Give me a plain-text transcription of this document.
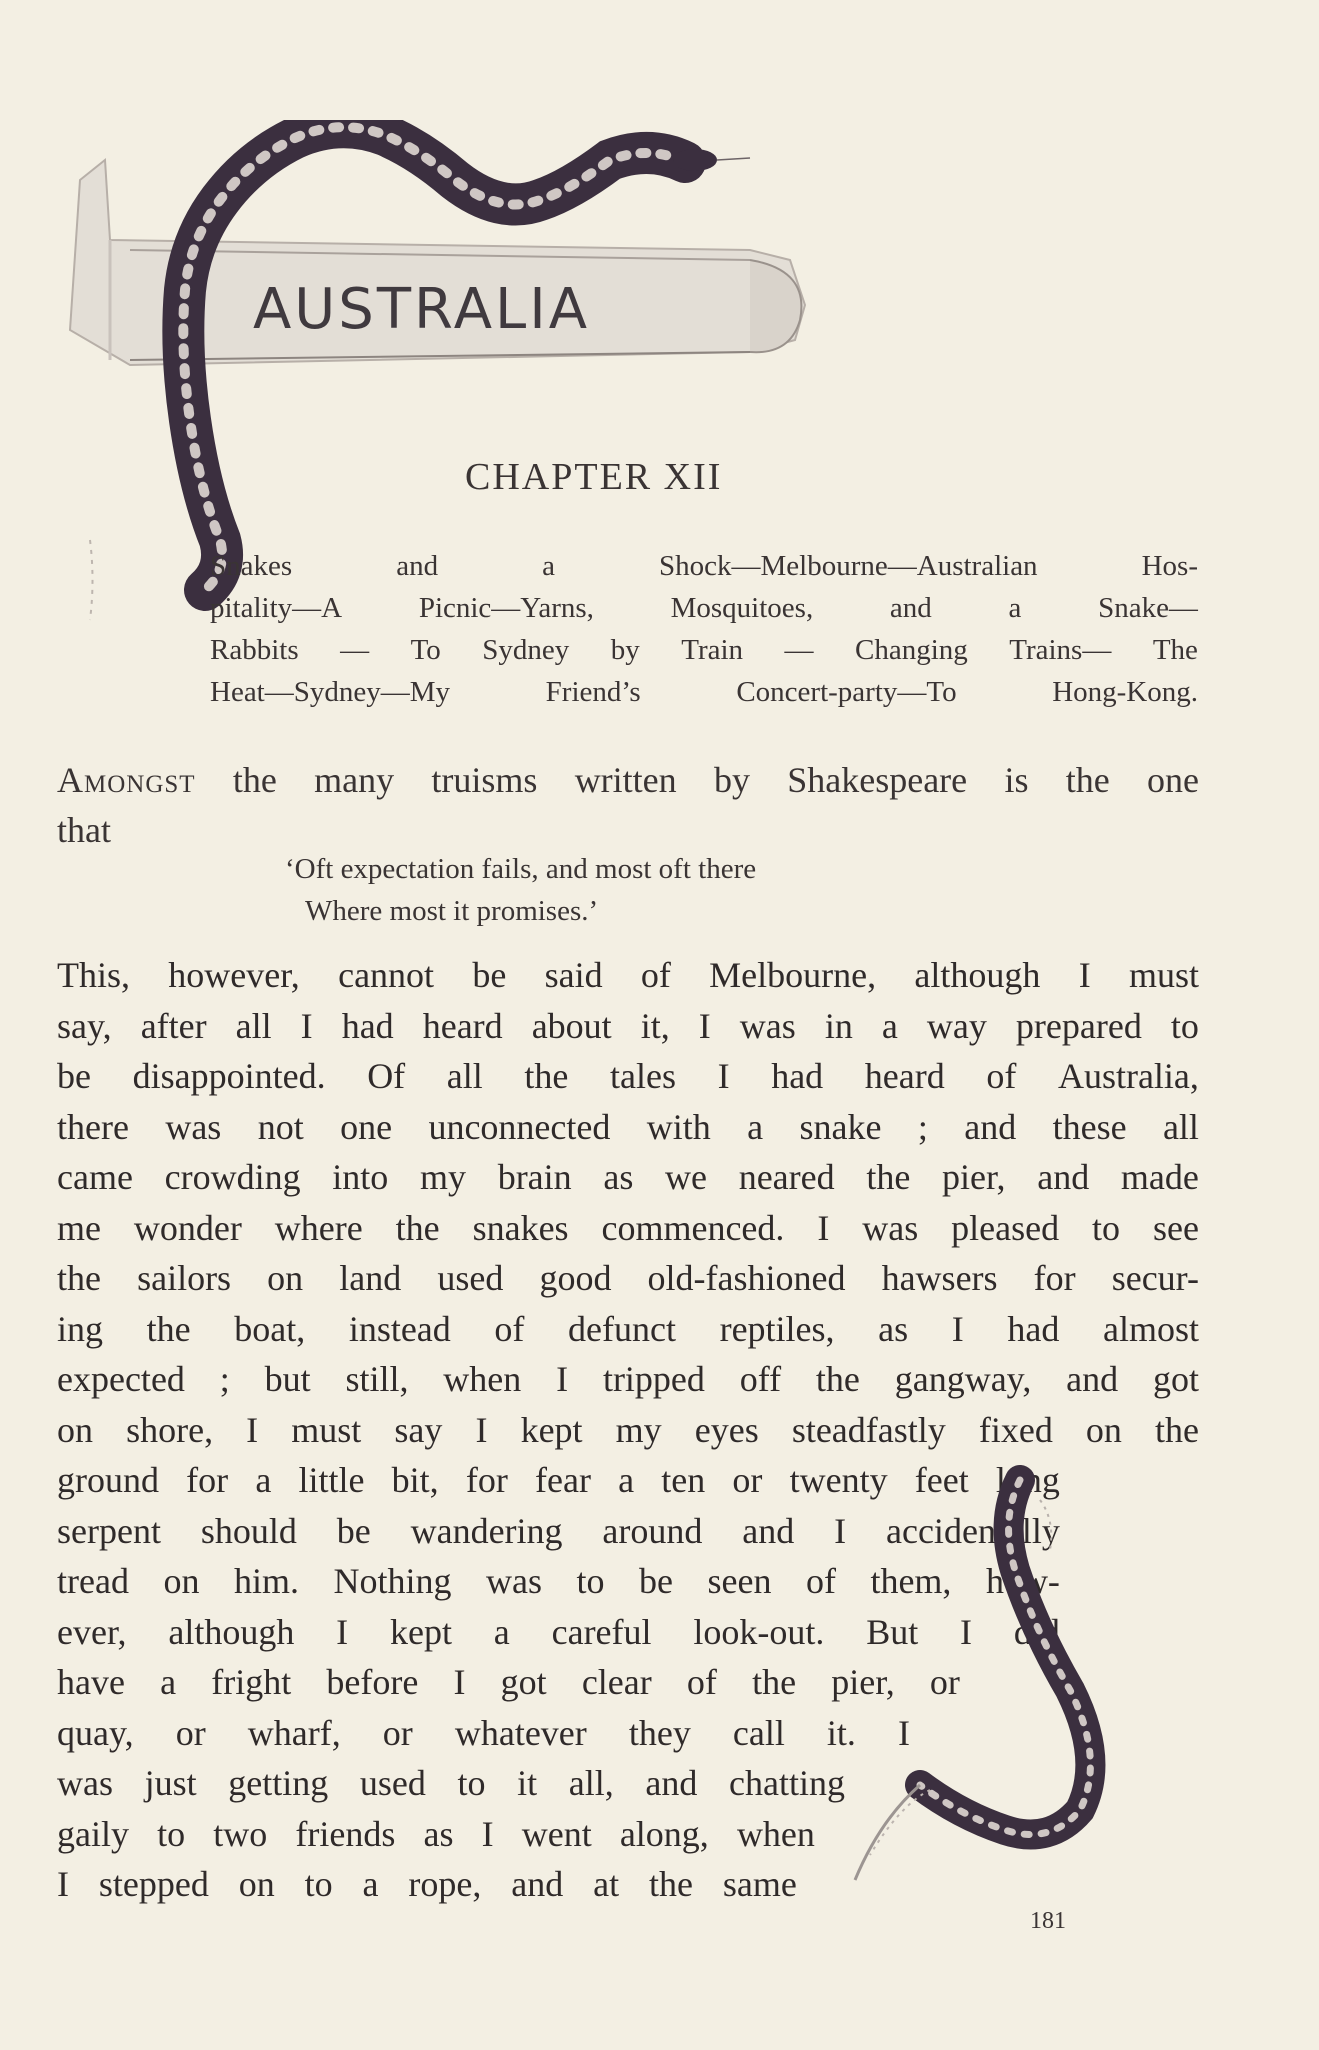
AUSTRALIA
CHAPTER XII
Snakes	and	a	Shock—Melbourne—Australian	Hos-
pitality—A	Picnic—Yarns,	Mosquitoes,	and	a	Snake—
Rabbits — To Sydney by Train — Changing Trains— The
Heat—Sydney—My	Friend’s	Concert-party—To	Hong-Kong.
Amongst the many truisms written by Shakespeare is the one
that
‘Oft expectation fails, and most oft there
Where most it promises.’
This, however, cannot be said of Melbourne, although I must
say, after all I had heard about it, I was in a way prepared to
be disappointed. Of all the tales I had heard of Australia,
there was not one unconnected with a snake ; and these all
came crowding into my brain as we neared the pier, and made
me wonder where the snakes commenced. I was pleased to see
the sailors on land used good old-fashioned hawsers for secur-
ing the boat, instead of defunct reptiles, as I had almost
expected ; but still, when I tripped off the gangway, and got
on shore, I must say I kept my eyes steadfastly fixed on the
ground for a little bit, for fear a ten or twenty feet long
serpent should be wandering around and I accidentally
tread on him. Nothing was to be seen of them, how-
ever, although I kept a careful look-out. But I did
have a fright before I got clear of the pier, or
quay, or wharf, or whatever they call it. I
was just getting used to it all, and chatting
gaily to two friends as I went along, when
I stepped on to a rope, and at the same
181
